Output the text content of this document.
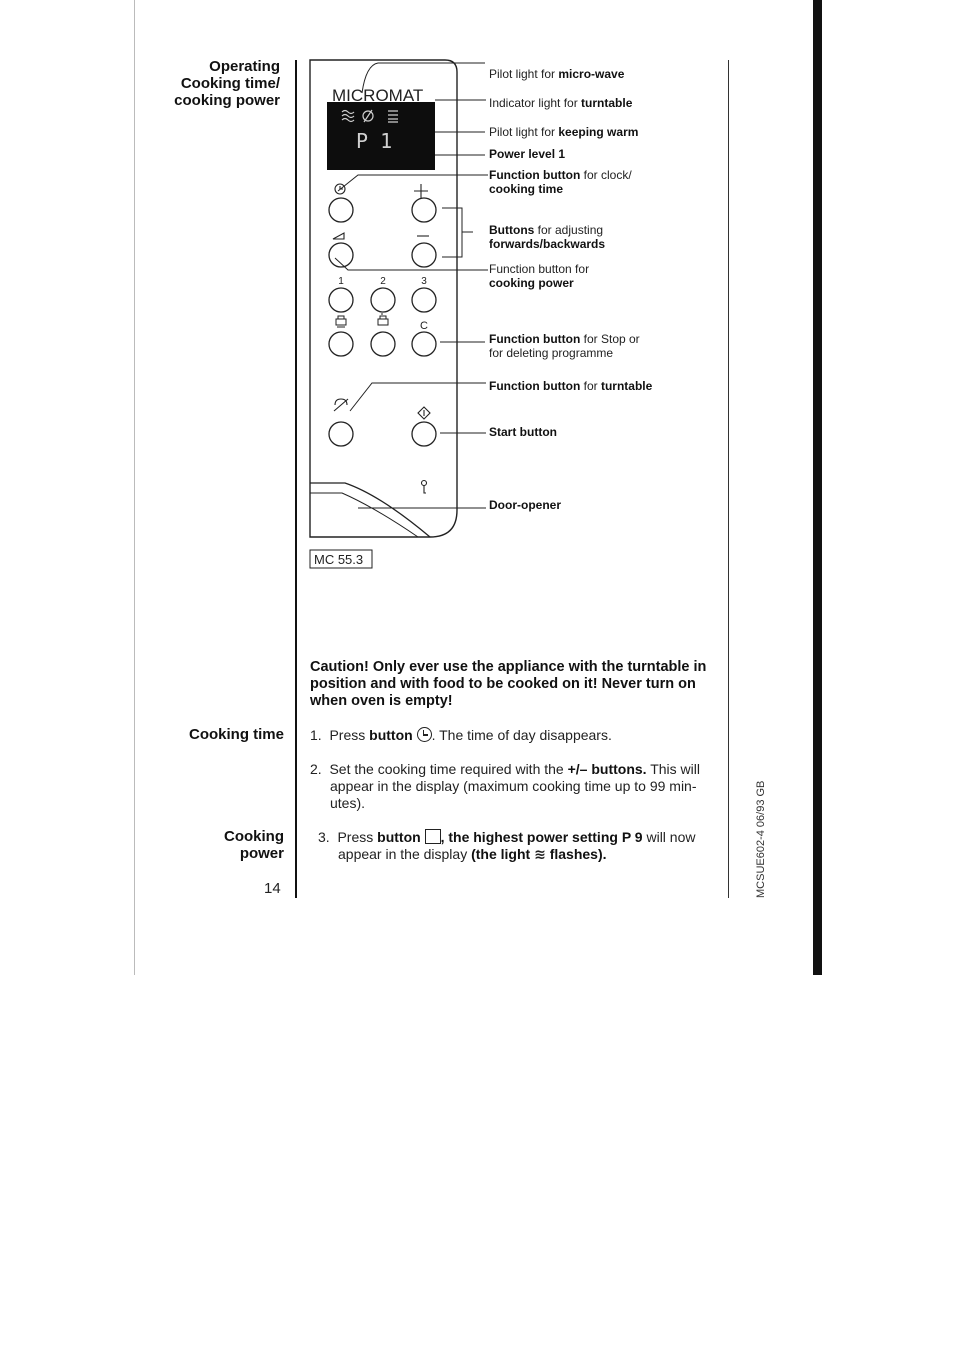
Operating
Cooking time/
cooking power
Cooking time
Cooking
power
14
MICROMAT
P 1
1	2	3
C
MC 55.3
Pilot light for micro-wave
Indicator light for turntable
Pilot light for keeping warm
Power level 1
Function button for clock/
cooking time
Buttons for adjusting
forwards/backwards
Function button for
cooking power
Function button for Stop or
for deleting programme
Function button for turntable
Start button
Door-opener
Caution! Only ever use the appliance with the turntable in position and with food to be cooked on it! Never turn on when oven is empty!
1. Press button . The time of day disappears.
2. Set the cooking time required with the +/– buttons. This will
appear in the display (maximum cooking time up to 99 min-
utes).
3. Press button , the highest power setting P 9 will now
appear in the display (the light ≋ flashes).	MCSUE602-4 06/93 GB
